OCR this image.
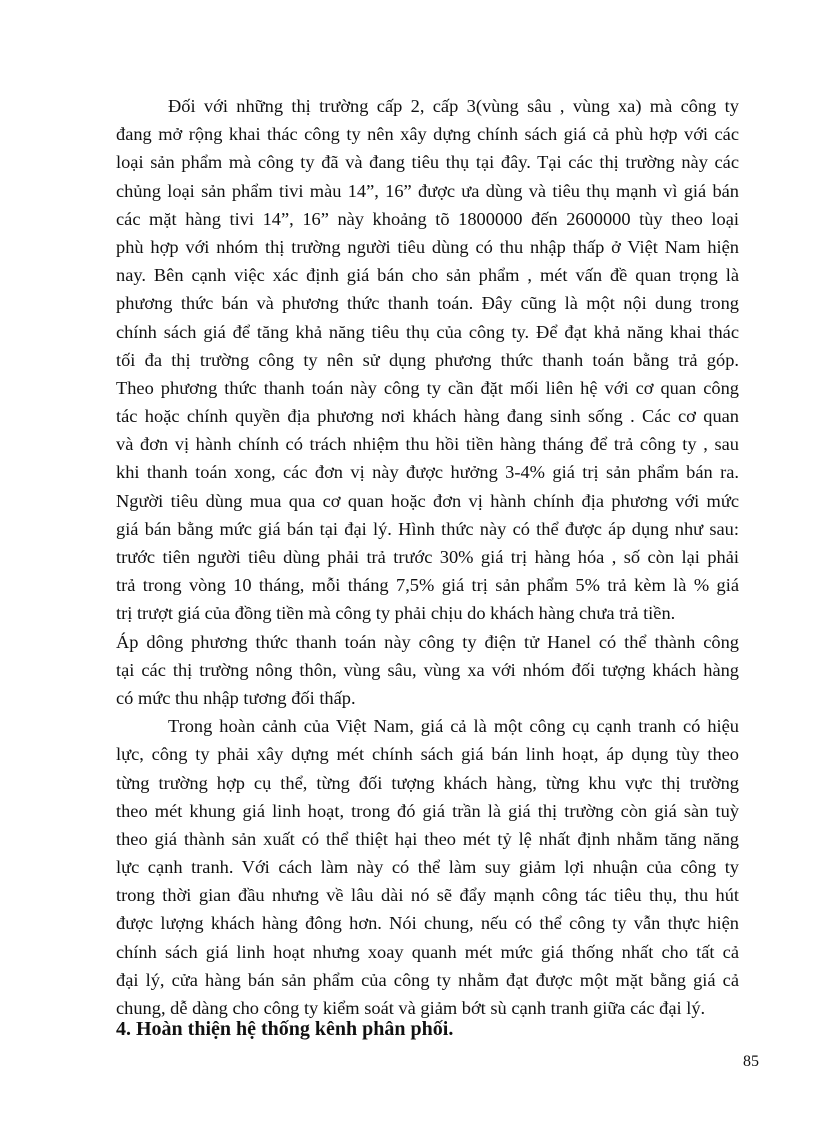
Đối với những thị trường cấp 2, cấp 3(vùng sâu , vùng xa) mà công ty
đang mở rộng khai thác công ty nên xây dựng chính sách giá cả phù hợp với các
loại sản phẩm mà công ty đã và đang tiêu thụ tại đây. Tại các thị trường này các
chủng loại sản phẩm tivi màu 14”, 16” được ưa dùng và tiêu thụ mạnh vì giá bán
các mặt hàng tivi 14”, 16” này khoảng tõ 1800000 đến 2600000 tùy theo loại
phù hợp với nhóm thị trường người tiêu dùng có thu nhập thấp ở Việt Nam hiện
nay. Bên cạnh việc xác định giá bán cho sản phẩm , mét vấn đề quan trọng là
phương thức bán và phương thức thanh toán. Đây cũng là một nội dung trong
chính sách giá để tăng khả năng tiêu thụ của công ty. Để đạt khả năng khai thác
tối đa thị trường công ty nên sử dụng phương thức thanh toán bằng trả góp.
Theo phương thức thanh toán này công ty cần đặt mối liên hệ với cơ quan công
tác hoặc chính quyền địa phương nơi khách hàng đang sinh sống . Các cơ quan
và đơn vị hành chính có trách nhiệm thu hồi tiền hàng tháng để trả công ty , sau
khi thanh toán xong, các đơn vị này được hưởng 3-4% giá trị sản phẩm bán ra.
Người tiêu dùng mua qua cơ quan hoặc đơn vị hành chính địa phương với mức
giá bán bằng mức giá bán tại đại lý. Hình thức này có thể được áp dụng như sau:
trước tiên người tiêu dùng phải trả trước 30% giá trị hàng hóa , số còn lại phải
trả trong vòng 10 tháng, mỗi tháng 7,5% giá trị sản phẩm 5% trả kèm là % giá
trị trượt giá của đồng tiền mà công ty phải chịu do khách hàng chưa trả tiền.
Áp dông phương thức thanh toán này công ty điện tử Hanel có thể thành công
tại các thị trường nông thôn, vùng sâu, vùng xa với nhóm đối tượng khách hàng
có mức thu nhập tương đối thấp.
Trong hoàn cảnh của Việt Nam, giá cả là một công cụ cạnh tranh có hiệu
lực, công ty phải xây dựng mét chính sách giá bán linh hoạt, áp dụng tùy theo
từng trường hợp cụ thể, từng đối tượng khách hàng, từng khu vực thị trường
theo mét khung giá linh hoạt, trong đó giá trần là giá thị trường còn giá sàn tuỳ
theo giá thành sản xuất có thể thiệt hại theo mét tỷ lệ nhất định nhằm tăng năng
lực cạnh tranh. Với cách làm này có thể làm suy giảm lợi nhuận của công ty
trong thời gian đầu nhưng về lâu dài nó sẽ đẩy mạnh công tác tiêu thụ, thu hút
được lượng khách hàng đông hơn. Nói chung, nếu có thể công ty vẫn thực hiện
chính sách giá linh hoạt nhưng xoay quanh mét mức giá thống nhất cho tất cả
đại lý, cửa hàng bán sản phẩm của công ty nhằm đạt được một mặt bằng giá cả
chung, dễ dàng cho công ty kiểm soát và giảm bớt sù cạnh tranh giữa các đại lý.
4. Hoàn thiện hệ thống kênh phân phối.
85
